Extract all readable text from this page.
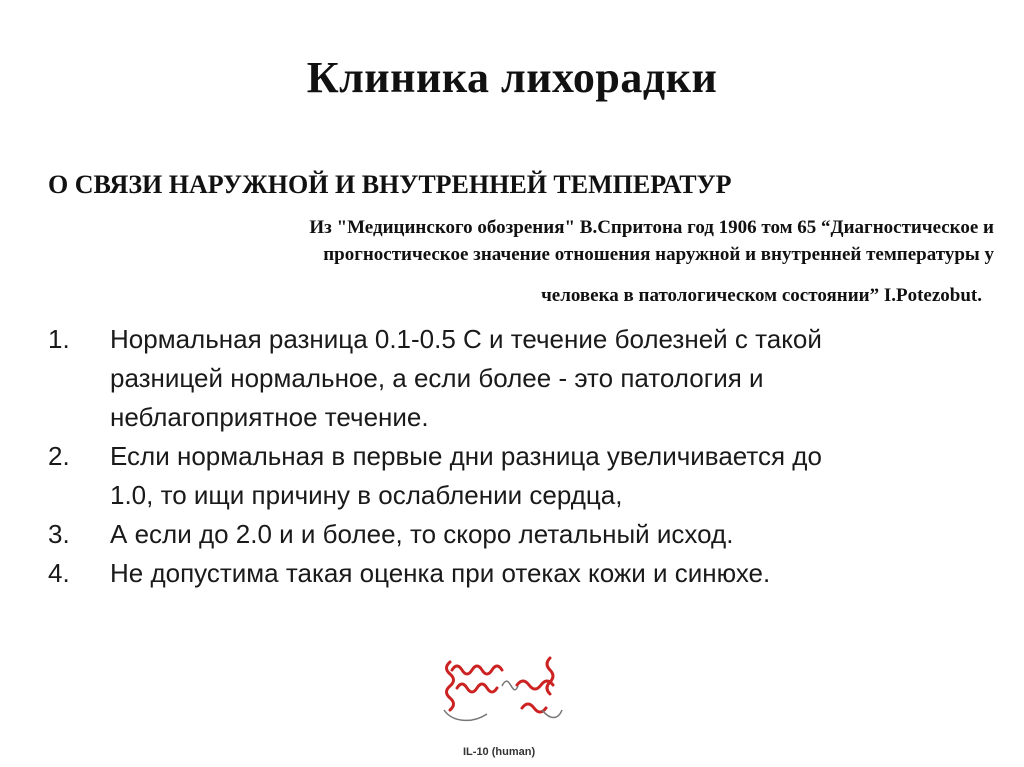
Клиника лихорадки
О СВЯЗИ НАРУЖНОЙ И ВНУТРЕННЕЙ ТЕМПЕРАТУР
Из "Медицинского обозрения" В.Спритона год 1906 том 65 “Диагностическое и
прогностическое значение отношения наружной и внутренней температуры у
человека в патологическом состоянии” I.Potezobut.
1.	Нормальная разница 0.1-0.5 С и течение болезней с такой
разницей нормальное, а если более - это патология и
неблагоприятное течение.
2.	Если нормальная в первые дни разница увеличивается до
1.0, то ищи причину в ослаблении сердца,
3.	А если до 2.0 и и более, то скоро летальный исход.
4.	Не допустима такая оценка при отеках кожи и синюхе.
IL-10 (human)
